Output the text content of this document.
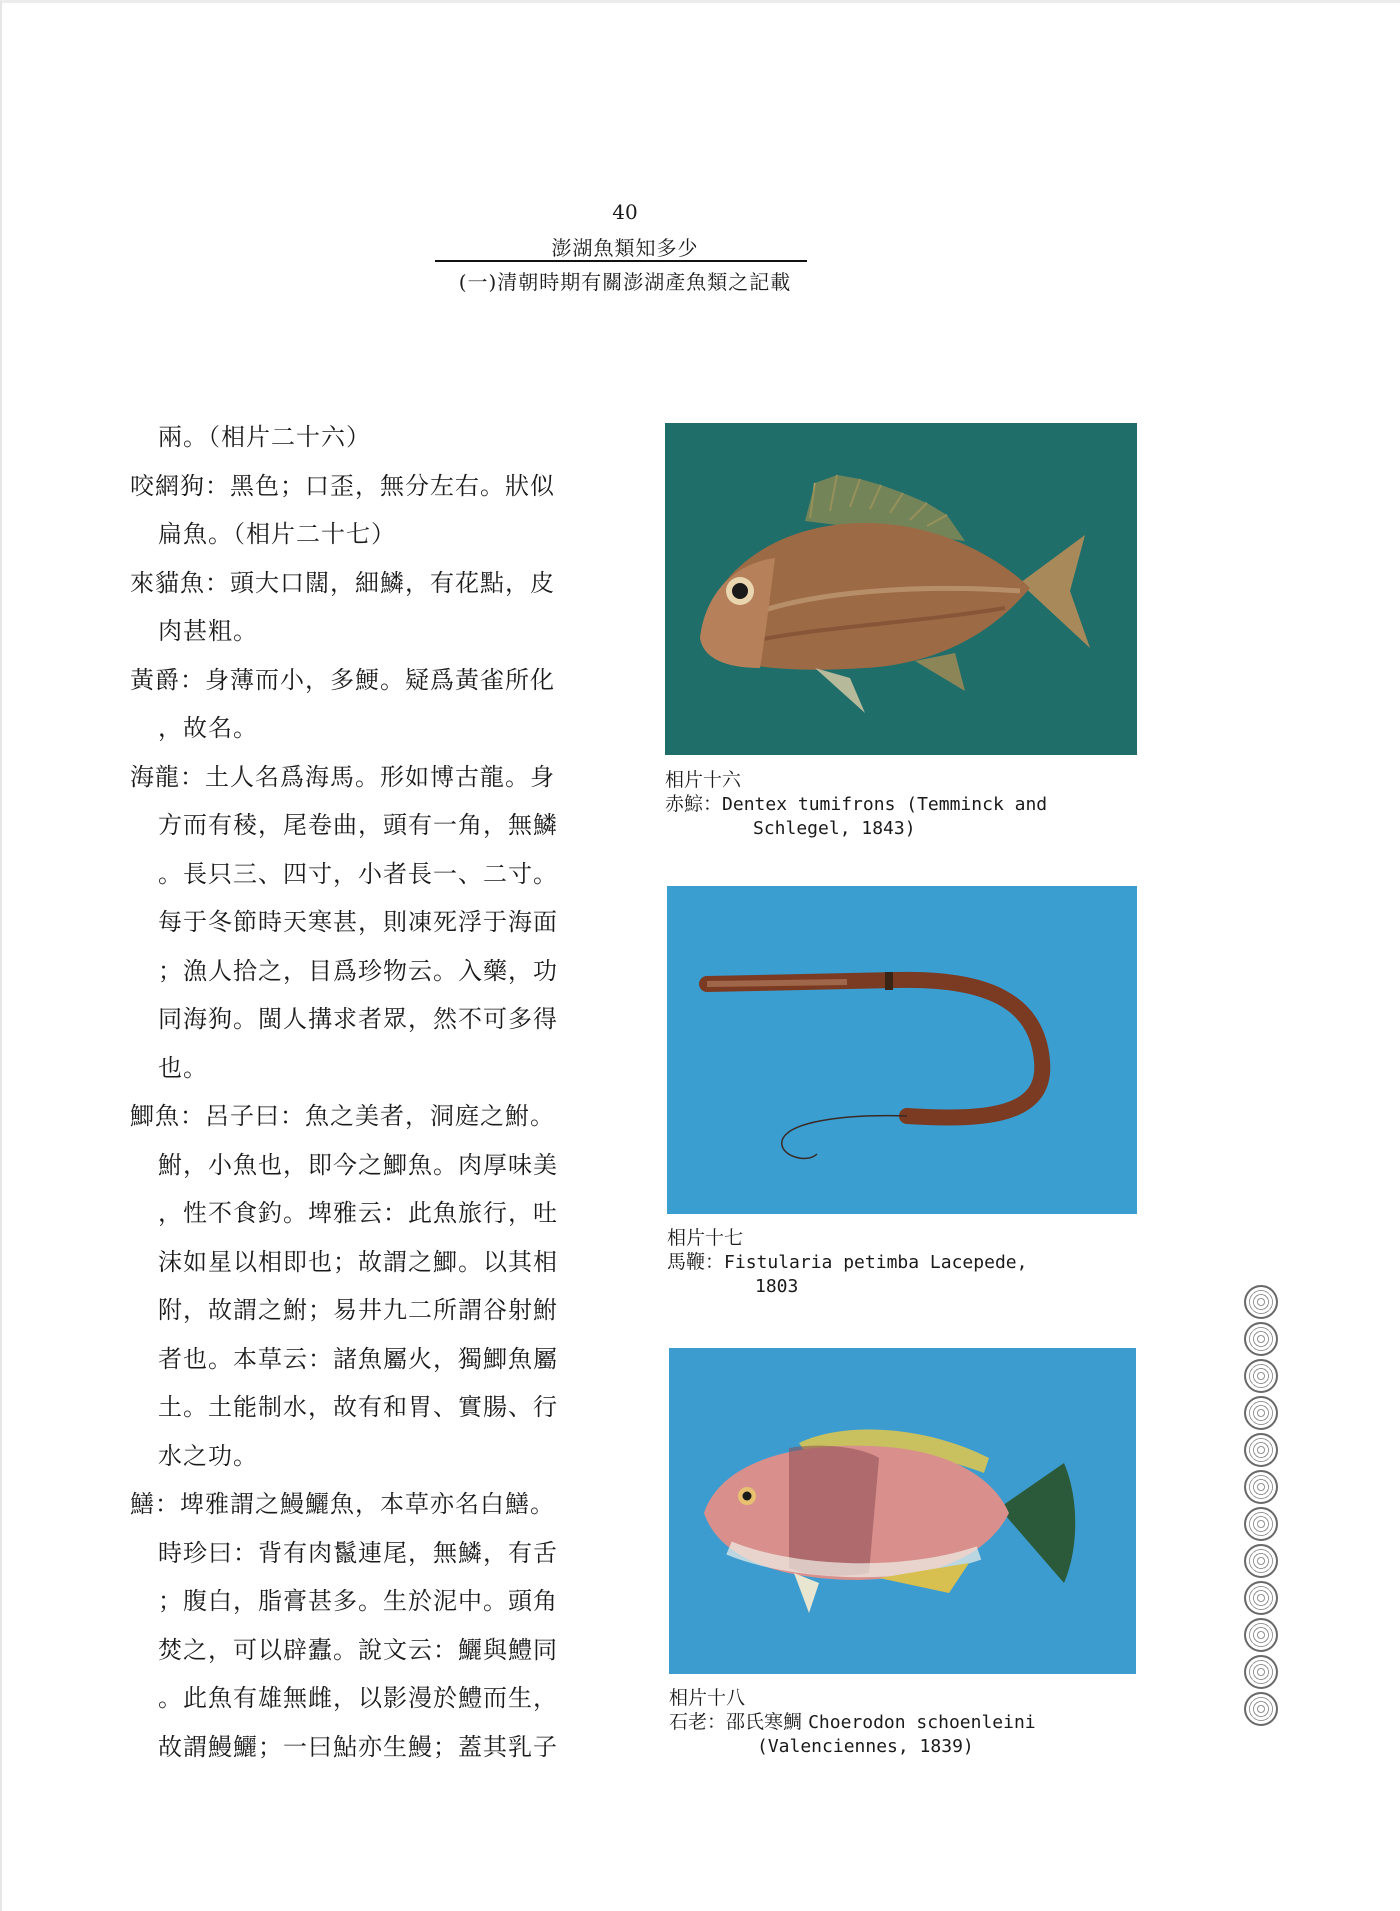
40
澎湖魚類知多少
(一)清朝時期有關澎湖產魚類之記載
兩。（相片二十六）
咬網狗：黑色；口歪，無分左右。狀似
扁魚。（相片二十七）
來貓魚：頭大口闊，細鱗，有花點，皮
肉甚粗。
黃爵：身薄而小，多鯁。疑爲黃雀所化
，故名。
海龍：土人名爲海馬。形如博古龍。身
方而有稜，尾卷曲，頭有一角，無鱗
。長只三、四寸，小者長一、二寸。
每于冬節時天寒甚，則凍死浮于海面
；漁人拾之，目爲珍物云。入藥，功
同海狗。閩人搆求者眾，然不可多得
也。
鯽魚：呂子曰：魚之美者，洞庭之鮒。
鮒，小魚也，即今之鯽魚。肉厚味美
，性不食釣。埤雅云：此魚旅行，吐
沫如星以相即也；故謂之鯽。以其相
附，故謂之鮒；易井九二所謂谷射鮒
者也。本草云：諸魚屬火，獨鯽魚屬
土。土能制水，故有和胃、實腸、行
水之功。
鱔：埤雅謂之鰻鱺魚，本草亦名白鱔。
時珍曰：背有肉鬣連尾，無鱗，有舌
；腹白，脂膏甚多。生於泥中。頭角
焚之，可以辟蠹。說文云：鱺與鱧同
。此魚有雄無雌，以影漫於鱧而生，
故謂鰻鱺；一曰鮎亦生鰻；蓋其乳子
相片十六
赤鯮：Dentex tumifrons (Temminck and
Schlegel, 1843)
相片十七
馬鞭：Fistularia petimba Lacepede,
1803
相片十八
石老：邵氏寒鯛 Choerodon schoenleini
(Valenciennes, 1839)
